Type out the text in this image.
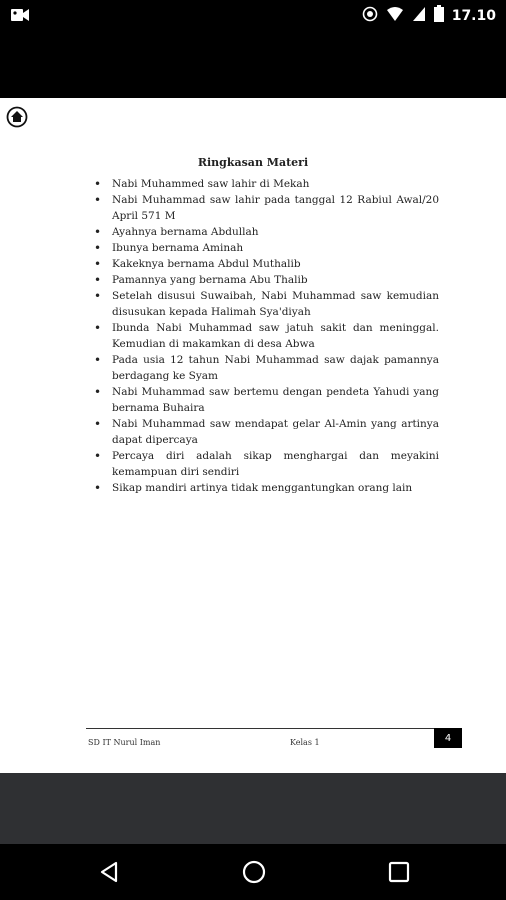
17.10
Ringkasan Materi
• Nabi Muhammed saw lahir di Mekah
• Nabi Muhammad saw lahir pada tanggal 12 Rabiul Awal/20 April 571 M
• Ayahnya bernama Abdullah
• Ibunya bernama Aminah
• Kakeknya bernama Abdul Muthalib
• Pamannya yang bernama Abu Thalib
• Setelah disusui Suwaibah, Nabi Muhammad saw kemudian disusukan kepada Halimah Sya'diyah
• Ibunda Nabi Muhammad saw jatuh sakit dan meninggal. Kemudian di makamkan di desa Abwa
• Pada usia 12 tahun Nabi Muhammad saw dajak pamannya berdagang ke Syam
• Nabi Muhammad saw bertemu dengan pendeta Yahudi yang bernama Buhaira
• Nabi Muhammad saw mendapat gelar Al-Amin yang artinya dapat dipercaya
• Percaya diri adalah sikap menghargai dan meyakini kemampuan diri sendiri
• Sikap mandiri artinya tidak menggantungkan orang lain
SD IT Nurul Iman	Kelas 1	4
